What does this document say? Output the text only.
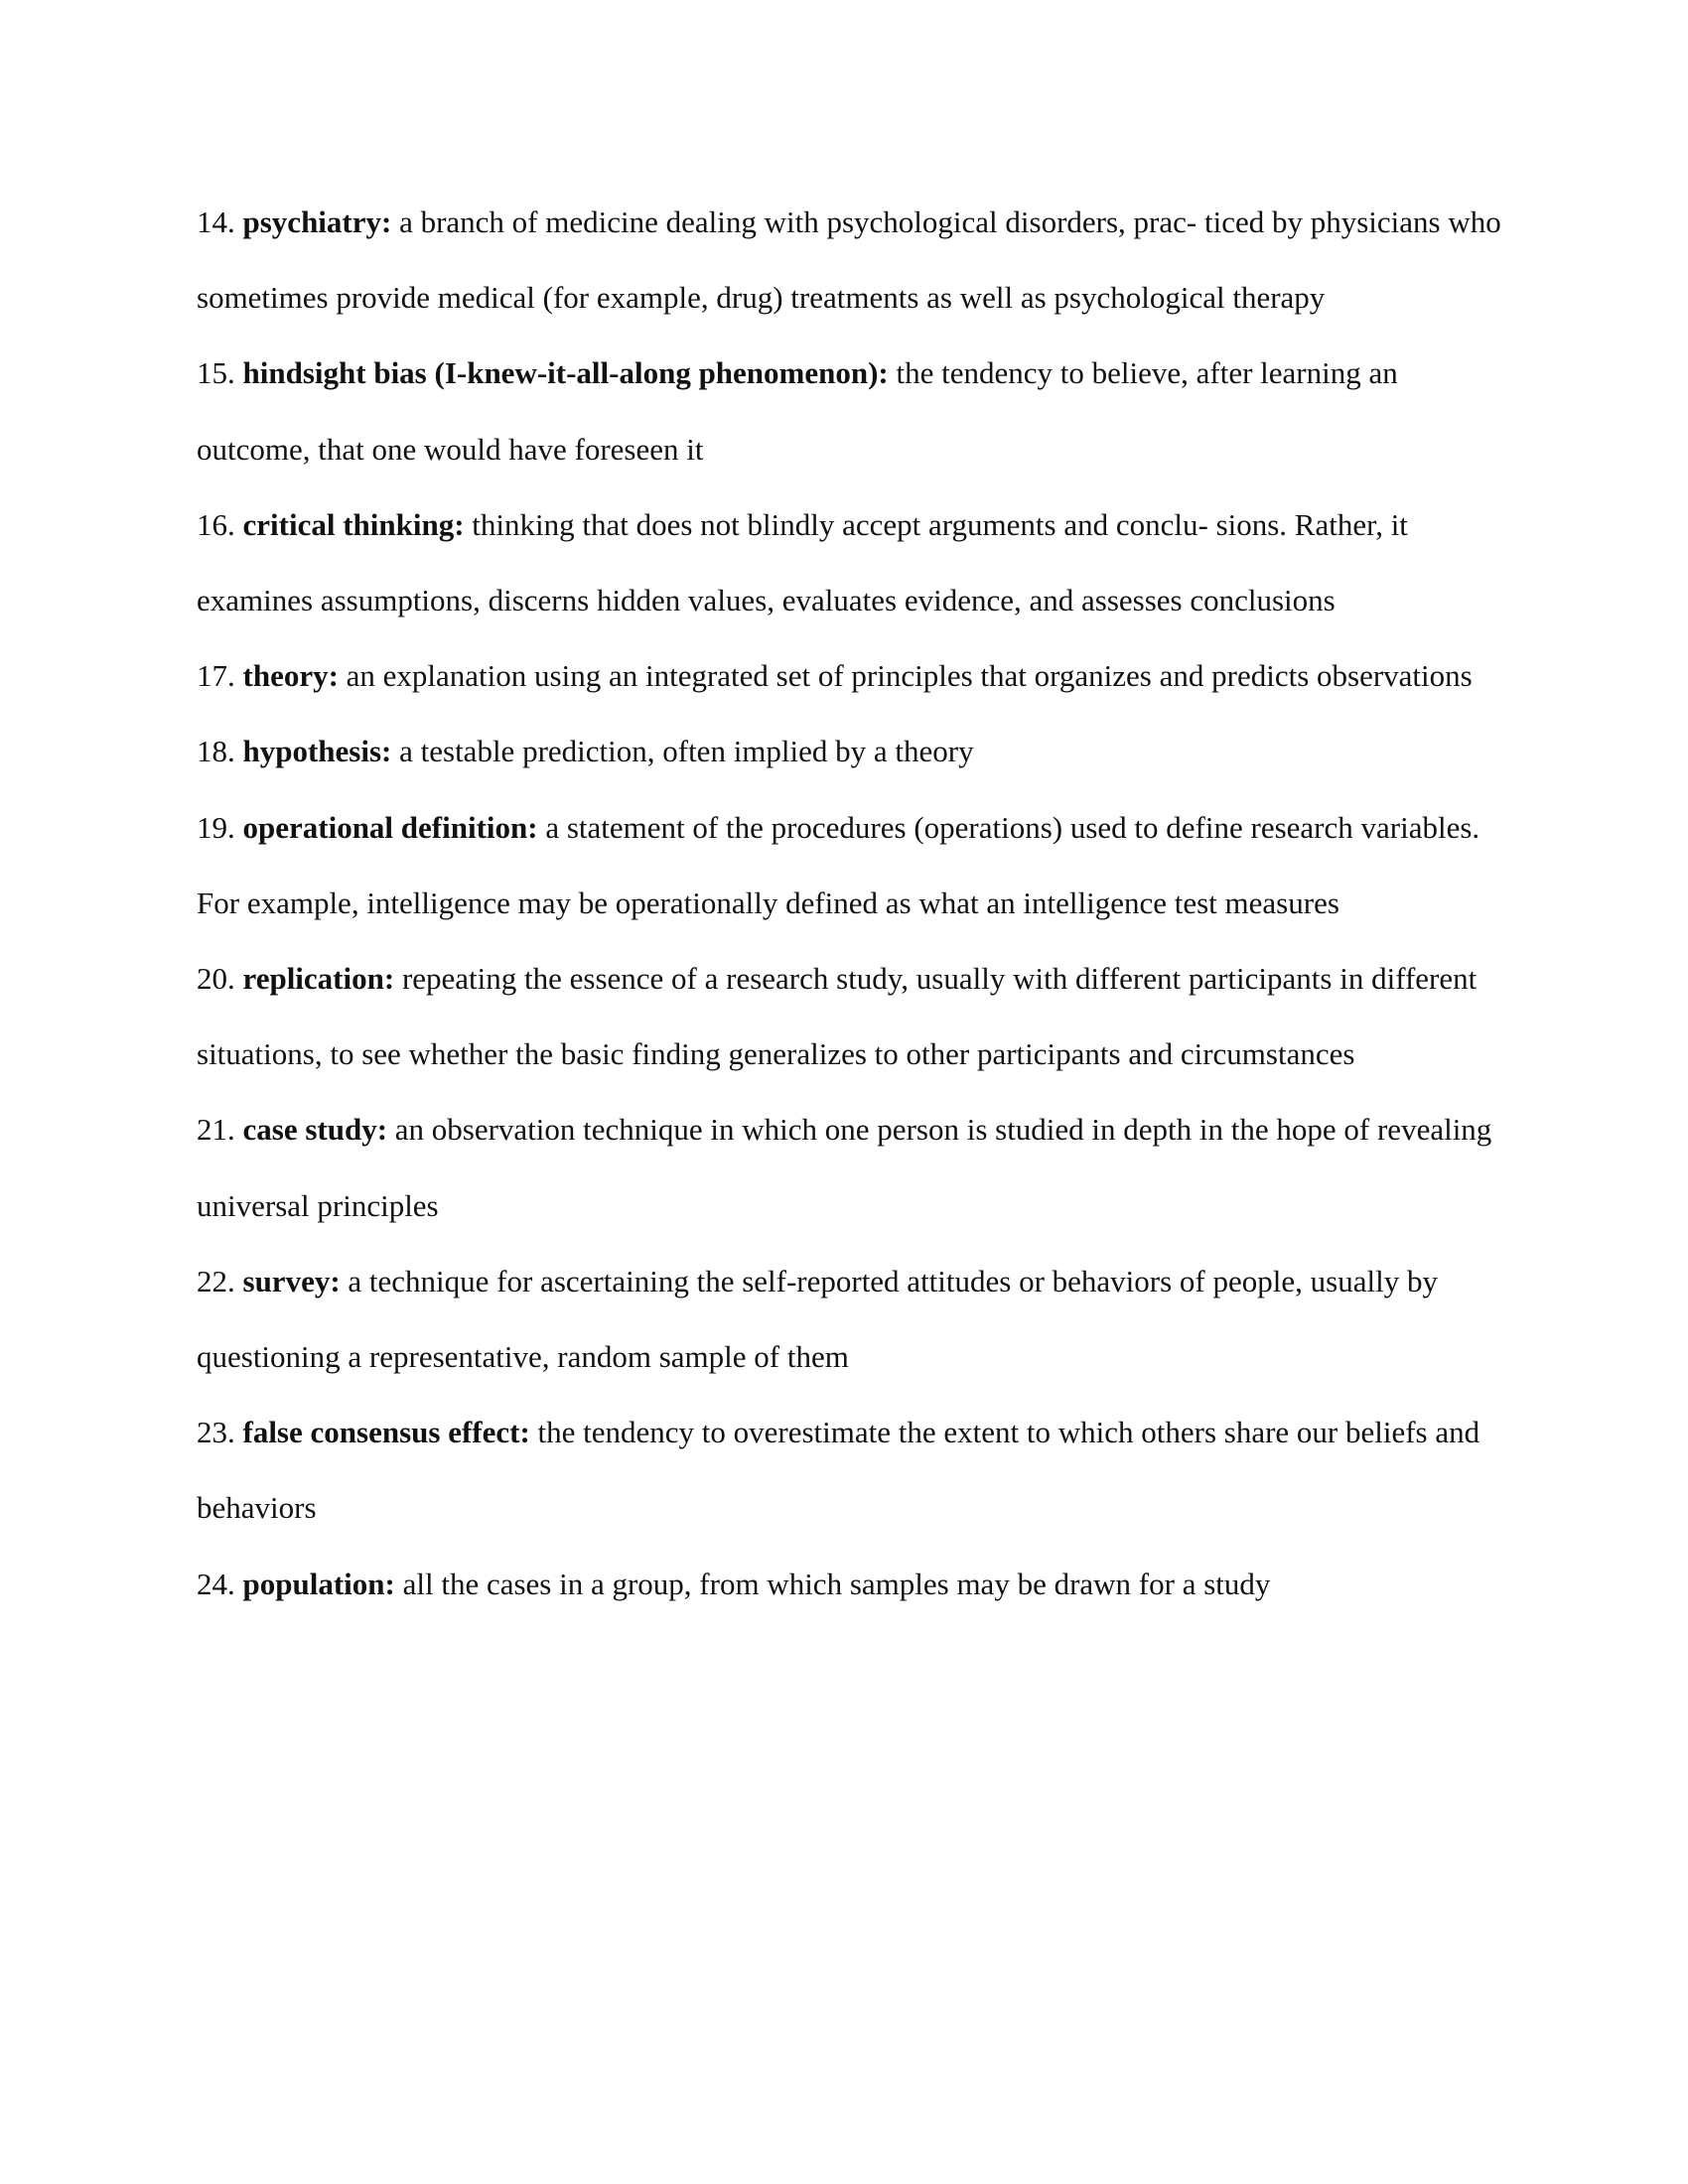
14. psychiatry: a branch of medicine dealing with psychological disorders, prac- ticed by physicians who sometimes provide medical (for example, drug) treatments as well as psychological therapy
15. hindsight bias (I-knew-it-all-along phenomenon): the tendency to believe, after learning an outcome, that one would have foreseen it
16. critical thinking: thinking that does not blindly accept arguments and conclu- sions. Rather, it examines assumptions, discerns hidden values, evaluates evidence, and assesses conclusions
17. theory: an explanation using an integrated set of principles that organizes and predicts observations
18. hypothesis: a testable prediction, often implied by a theory
19. operational definition: a statement of the procedures (operations) used to define research variables. For example, intelligence may be operationally defined as what an intelligence test measures
20. replication: repeating the essence of a research study, usually with different participants in different situations, to see whether the basic finding generalizes to other participants and circumstances
21. case study: an observation technique in which one person is studied in depth in the hope of revealing universal principles
22. survey: a technique for ascertaining the self-reported attitudes or behaviors of people, usually by questioning a representative, random sample of them
23. false consensus effect: the tendency to overestimate the extent to which others share our beliefs and behaviors
24. population: all the cases in a group, from which samples may be drawn for a study
